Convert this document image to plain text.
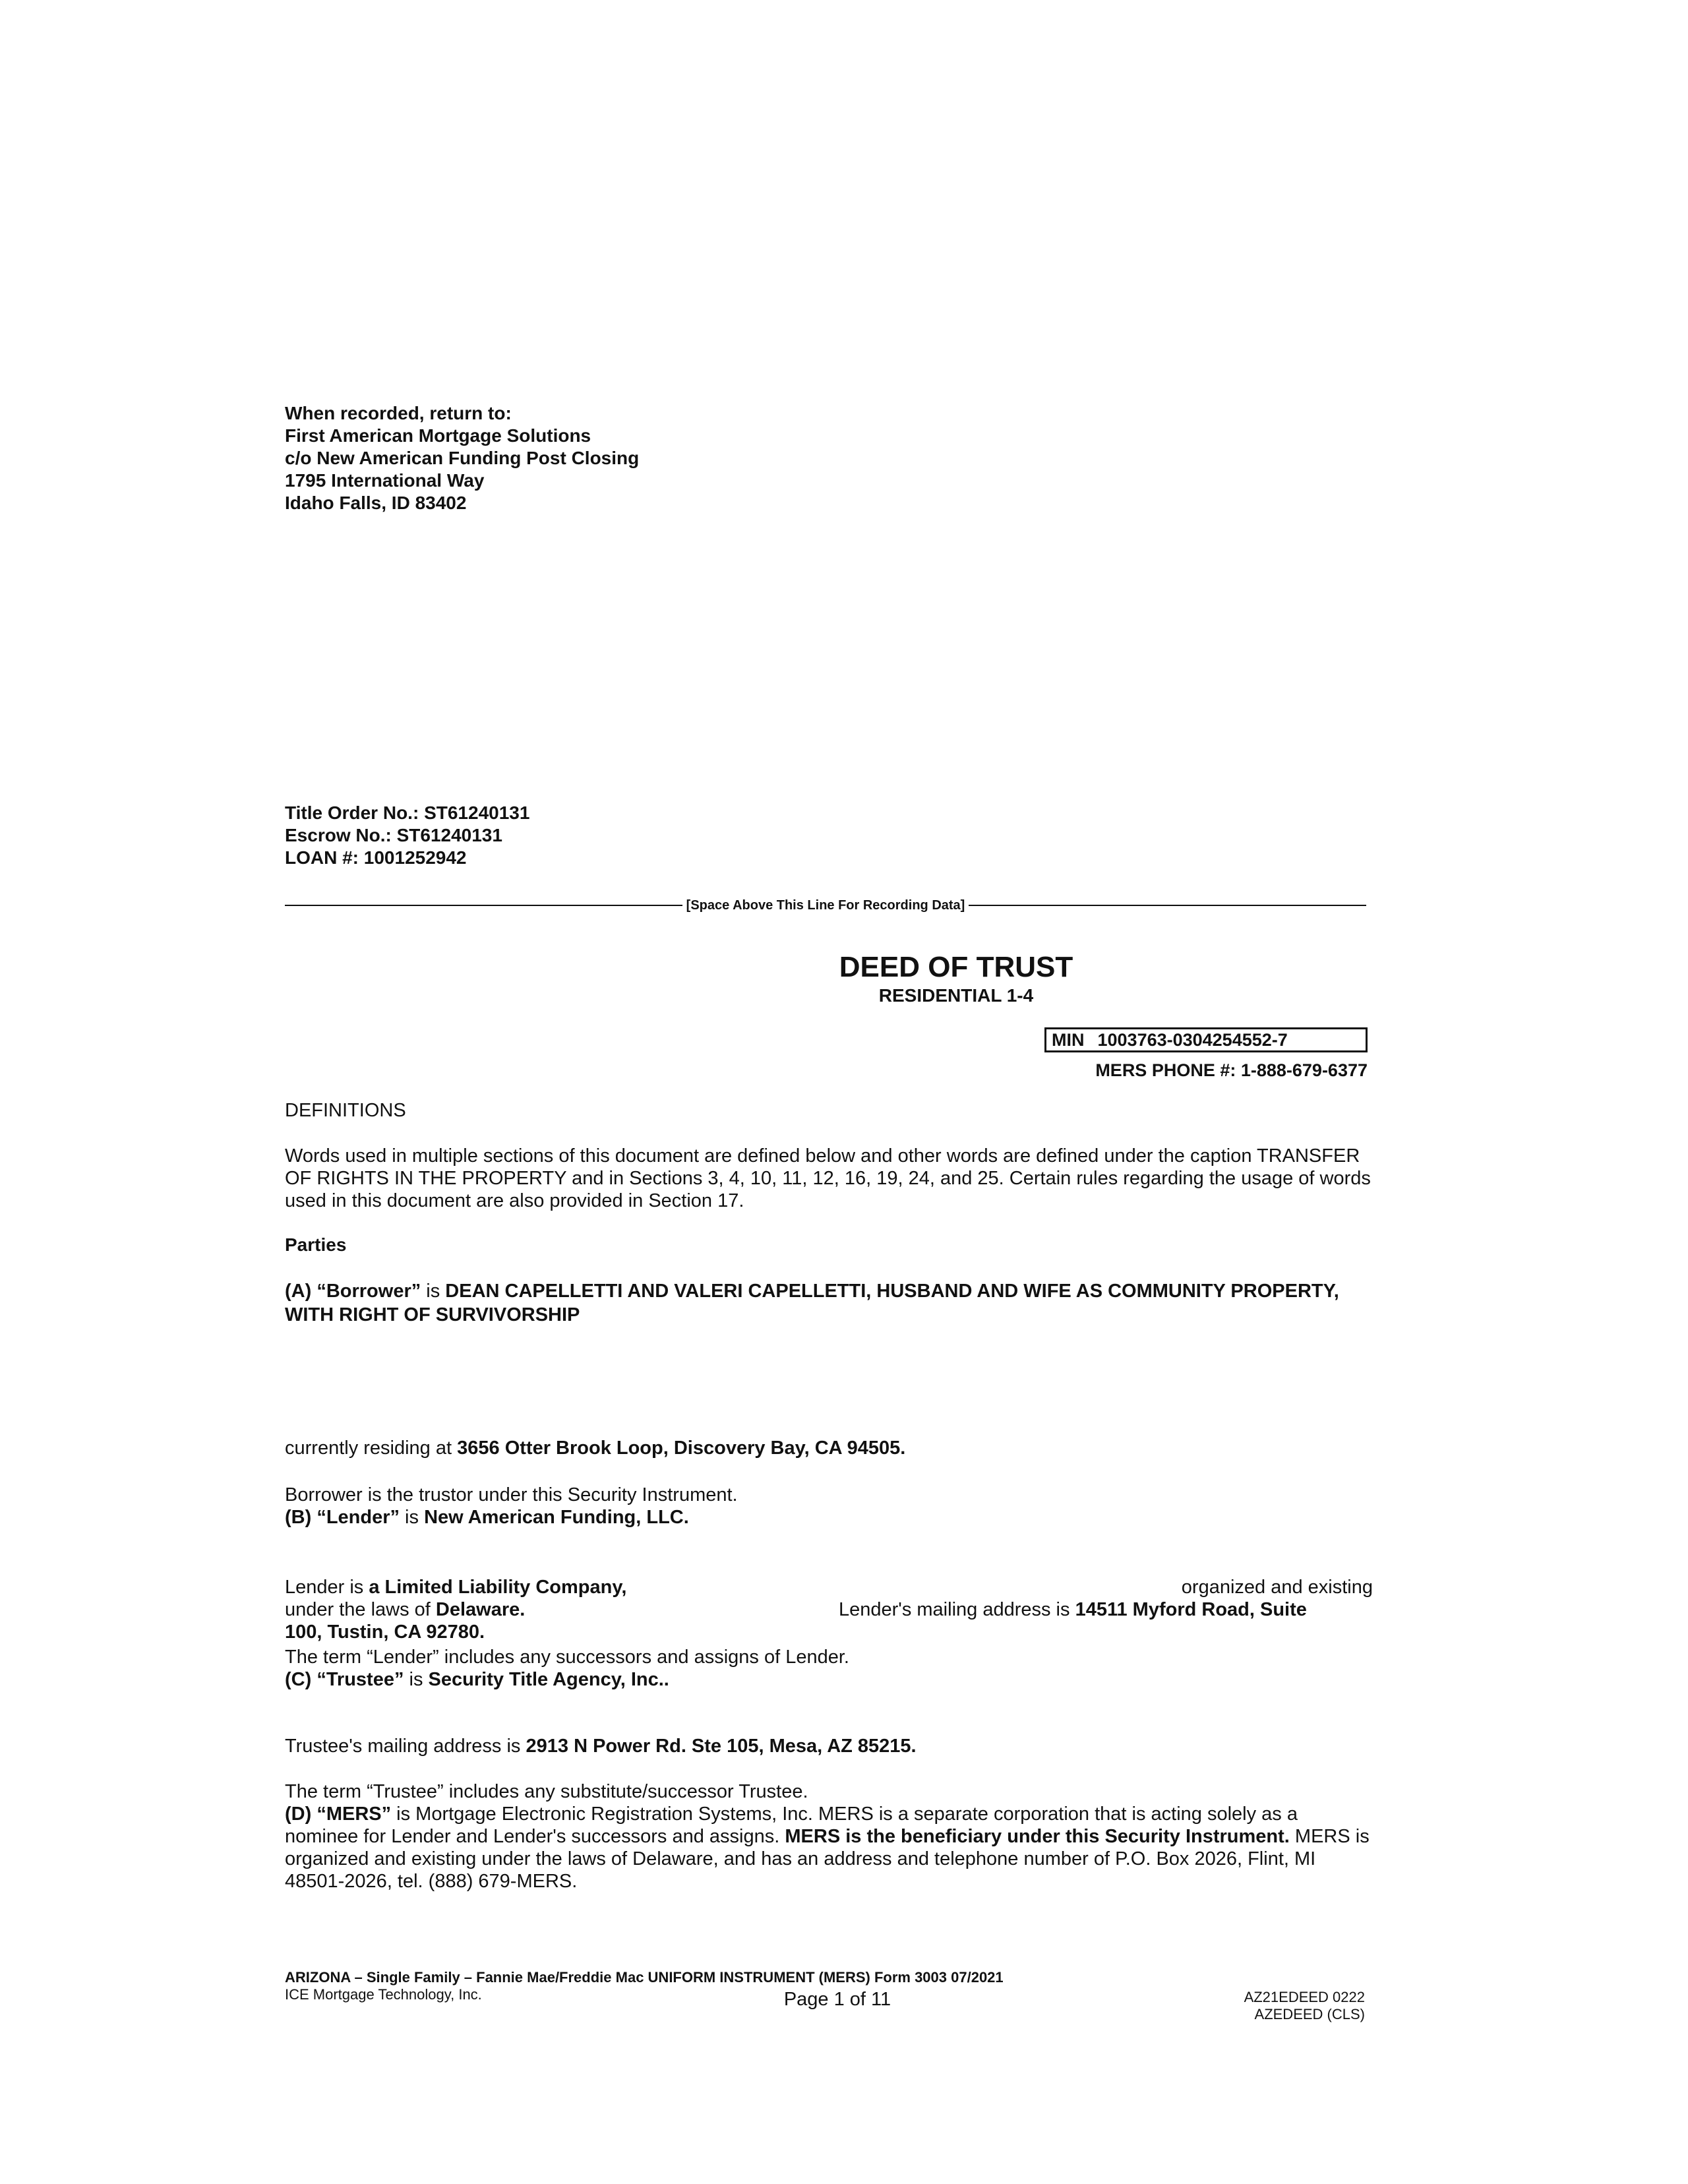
When recorded, return to:
First American Mortgage Solutions
c/o New American Funding Post Closing
1795 International Way
Idaho Falls, ID 83402
Title Order No.: ST61240131
Escrow No.: ST61240131
LOAN #: 1001252942
[Space Above This Line For Recording Data]
DEED OF TRUST
RESIDENTIAL 1-4
MIN 1003763-0304254552-7
MERS PHONE #: 1-888-679-6377
DEFINITIONS
Words used in multiple sections of this document are defined below and other words are defined under the caption TRANSFER OF RIGHTS IN THE PROPERTY and in Sections 3, 4, 10, 11, 12, 16, 19, 24, and 25. Certain rules regarding the usage of words used in this document are also provided in Section 17.
Parties
(A) “Borrower” is DEAN CAPELLETTI AND VALERI CAPELLETTI, HUSBAND AND WIFE AS COMMUNITY PROPERTY, WITH RIGHT OF SURVIVORSHIP
currently residing at 3656 Otter Brook Loop, Discovery Bay, CA 94505.
Borrower is the trustor under this Security Instrument.
(B) “Lender” is New American Funding, LLC.
Lender is a Limited Liability Company,	organized and existing
under the laws of Delaware.	Lender's mailing address is 14511 Myford Road, Suite
100, Tustin, CA 92780.
The term “Lender” includes any successors and assigns of Lender.
(C) “Trustee” is Security Title Agency, Inc..
Trustee's mailing address is 2913 N Power Rd. Ste 105, Mesa, AZ 85215.
The term “Trustee” includes any substitute/successor Trustee.
(D) “MERS” is Mortgage Electronic Registration Systems, Inc. MERS is a separate corporation that is acting solely as a nominee for Lender and Lender's successors and assigns. MERS is the beneficiary under this Security Instrument. MERS is organized and existing under the laws of Delaware, and has an address and telephone number of P.O. Box 2026, Flint, MI 48501-2026, tel. (888) 679-MERS.
ARIZONA – Single Family – Fannie Mae/Freddie Mac UNIFORM INSTRUMENT (MERS) Form 3003 07/2021
ICE Mortgage Technology, Inc.	Page 1 of 11	AZ21EDEED 0222
AZEDEED (CLS)
